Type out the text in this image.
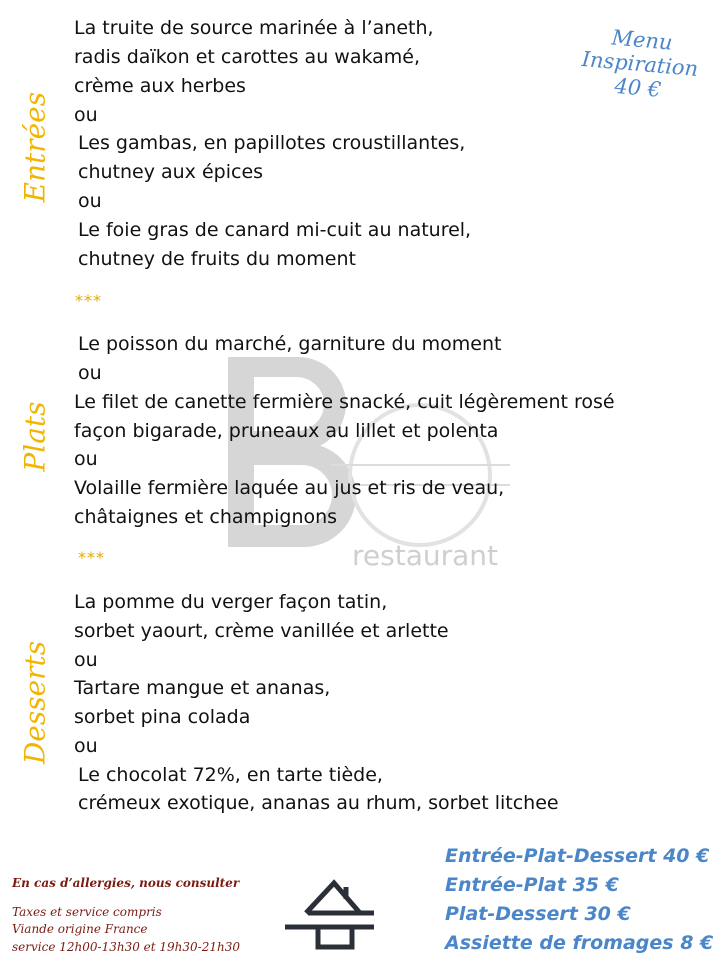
restaurant
Menu
Inspiration
40 €
Entrées
Plats
Desserts
La truite de source marinée à l’aneth,
radis daïkon et carottes au wakamé,
crème aux herbes
ou
Les gambas, en papillotes croustillantes,
chutney aux épices
ou
Le foie gras de canard mi-cuit au naturel,
chutney de fruits du moment
***
Le poisson du marché, garniture du moment
ou
Le filet de canette fermière snacké, cuit légèrement rosé
façon bigarade, pruneaux au lillet et polenta
ou
Volaille fermière laquée au jus et ris de veau,
châtaignes et champignons
***
La pomme du verger façon tatin,
sorbet yaourt, crème vanillée et arlette
ou
Tartare mangue et ananas,
sorbet pina colada
ou
Le chocolat 72%, en tarte tiède,
crémeux exotique, ananas au rhum, sorbet litchee
En cas d’allergies, nous consulter
Taxes et service compris
Viande origine France
service 12h00-13h30 et 19h30-21h30
Entrée-Plat-Dessert 40 €
Entrée-Plat 35 €
Plat-Dessert 30 €
Assiette de fromages 8 €
